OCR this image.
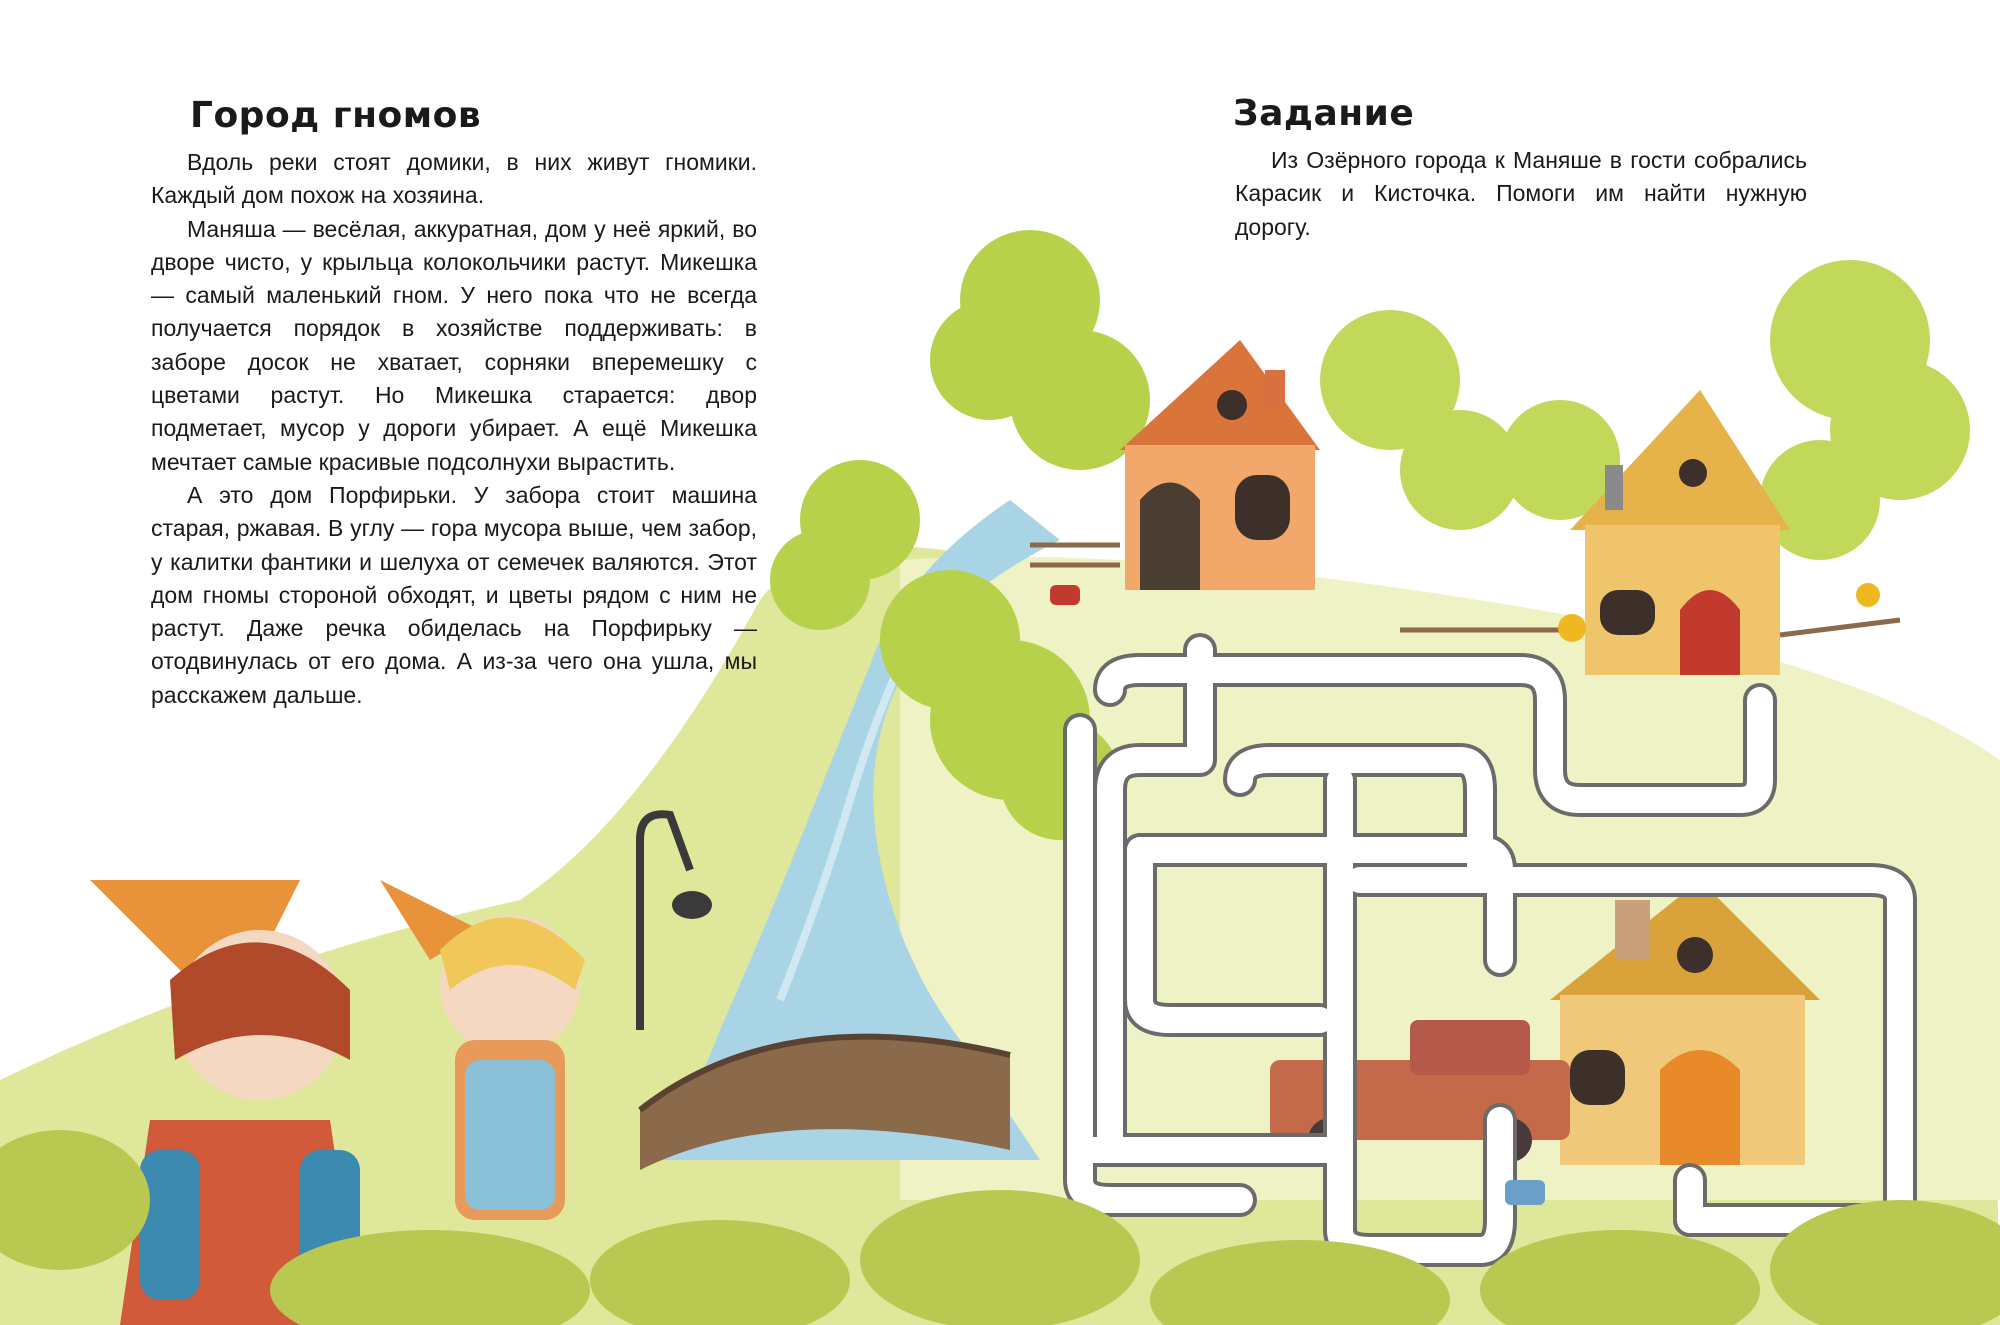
Город гномов

Вдоль реки стоят домики, в них живут гномики. Каждый дом похож на хозяина.

Маняша — весёлая, аккуратная, дом у неё яркий, во дворе чисто, у крыльца колокольчики растут. Микешка — самый маленький гном. У него пока что не всегда получается порядок в хозяйстве поддерживать: в заборе досок не хватает, сорняки вперемешку с цветами растут. Но Микешка старается: двор подметает, мусор у дороги убирает. А ещё Микешка мечтает самые красивые подсолнухи вырастить.

А это дом Порфирьки. У забора стоит машина старая, ржавая. В углу — гора мусора выше, чем забор, у калитки фантики и шелуха от семечек валяются. Этот дом гномы стороной обходят, и цветы рядом с ним не растут. Даже речка обиделась на Порфирьку — отодвинулась от его дома. А из-за чего она ушла, мы расскажем дальше.

Задание

Из Озёрного города к Маняше в гости собрались Карасик и Кисточка. Помоги им найти нужную дорогу.
